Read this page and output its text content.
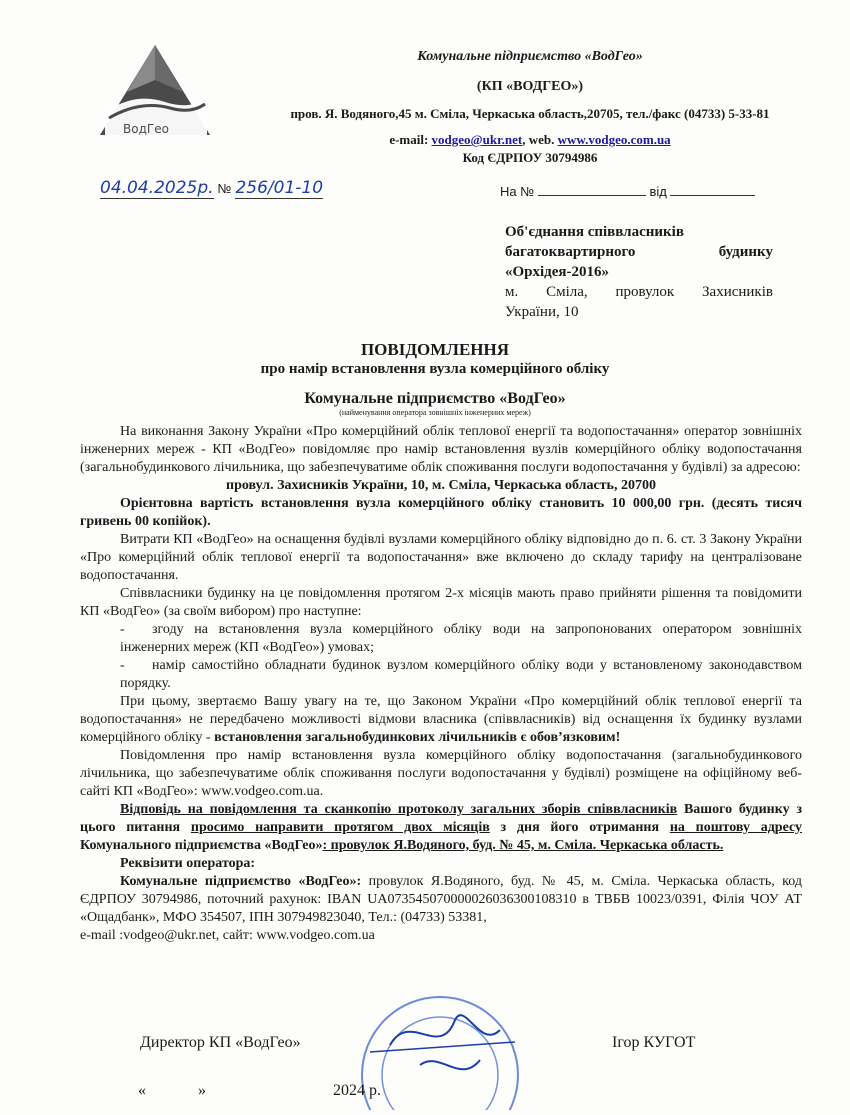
ВодГео
Комунальне підприємство «ВодГео»
(КП «ВОДГЕО»)
пров. Я. Водяного,45 м. Сміла, Черкаська область,20705, тел./факс (04733) 5-33-81
e-mail: vodgeo@ukr.net, web. www.vodgeo.com.ua
Код ЄДРПОУ 30794986
04.04.2025р. № 256/01-10	На №	від
Об'єднання співвласників
багатоквартирного	будинку
«Орхідея-2016»
м. Сміла, провулок Захисників
України, 10
ПОВІДОМЛЕННЯ
про намір встановлення вузла комерційного обліку
Комунальне підприємство «ВодГео»
(найменування оператора зовнішніх інженерних мереж)

На виконання Закону України «Про комерційний облік теплової енергії та водопостачання» оператор зовнішніх інженерних мереж - КП «ВодГео» повідомляє про намір встановлення вузлів комерційного обліку водопостачання (загальнобудинкового лічильника, що забезпечуватиме облік споживання послуги водопостачання у будівлі) за адресою:

провул. Захисників України, 10, м. Сміла, Черкаська область, 20700

Орієнтовна вартість встановлення вузла комерційного обліку становить 10 000,00 грн. (десять тисяч гривень 00 копійок).

Витрати КП «ВодГео» на оснащення будівлі вузлами комерційного обліку відповідно до п. 6. ст. 3 Закону України «Про комерційний облік теплової енергії та водопостачання» вже включено до складу тарифу на централізоване водопостачання.

Співвласники будинку на це повідомлення протягом 2-х місяців мають право прийняти рішення та повідомити КП «ВодГео» (за своїм вибором) про наступне:

- згоду на встановлення вузла комерційного обліку води на запропонованих оператором зовнішніх інженерних мереж (КП «ВодГео») умовах;

- намір самостійно обладнати будинок вузлом комерційного обліку води у встановленому законодавством порядку.

При цьому, звертаємо Вашу увагу на те, що Законом України «Про комерційний облік теплової енергії та водопостачання» не передбачено можливості відмови власника (співвласників) від оснащення їх будинку вузлами комерційного обліку - встановлення загальнобудинкових лічильників є обов’язковим!

Повідомлення про намір встановлення вузла комерційного обліку водопостачання (загальнобудинкового лічильника, що забезпечуватиме облік споживання послуги водопостачання у будівлі) розміщене на офіційному веб-сайті КП «ВодГео»: www.vodgeo.com.ua.

Відповідь на повідомлення та сканкопію протоколу загальних зборів співвласників Вашого будинку з цього питання просимо направити протягом двох місяців з дня його отримання на поштову адресу Комунального підприємства «ВодГео»: провулок Я.Водяного, буд. № 45, м. Сміла. Черкаська область.

Реквізити оператора:

Комунальне підприємство «ВодГео»: провулок Я.Водяного, буд. № 45, м. Сміла. Черкаська область, код ЄДРПОУ 30794986, поточний рахунок: IBAN UA073545070000026036300108310 в ТВБВ 10023/0391, Філія ЧОУ АТ «Ощадбанк», МФО 354507, ІПН 307949823040, Тел.: (04733) 53381,

e-mail :vodgeo@ukr.net, сайт: www.vodgeo.com.ua

Директор КП «ВодГео»	Ігор КУГОТ
«	»	2024 р.
